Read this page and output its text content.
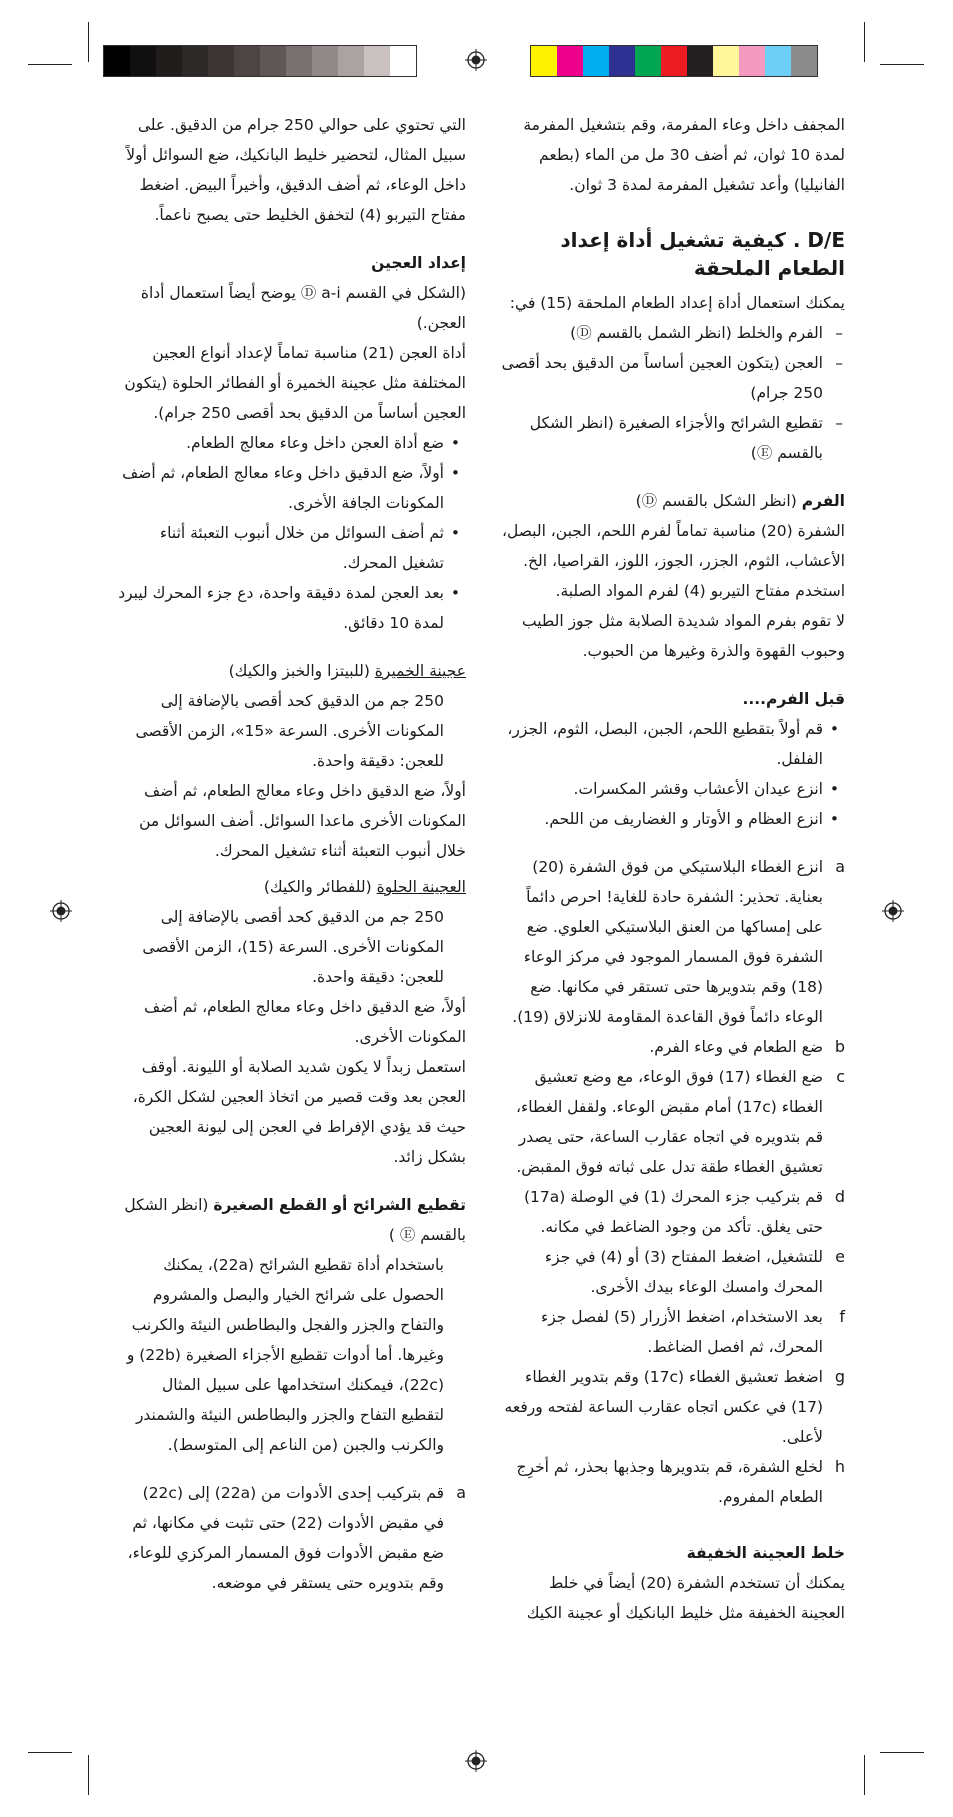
المجفف داخل وعاء المفرمة، وقم بتشغيل المفرمة لمدة 10 ثوان، ثم أضف 30 مل من الماء (بطعم الفانيليا) وأعد تشغيل المفرمة لمدة 3 ثوان.

D/E . كيفية تشغيل أداة إعداد الطعام الملحقة

يمكنك استعمال أداة إعداد الطعام الملحقة (15) في:

– الفرم والخلط (انظر الشمل بالقسم Ⓓ)

– العجن (يتكون العجين أساساً من الدقيق بحد أقصى 250 جرام)

– تقطيع الشرائح والأجزاء الصغيرة (انظر الشكل بالقسم Ⓔ)

الفرم (انظر الشكل بالقسم Ⓓ)

الشفرة (20) مناسبة تماماً لفرم اللحم، الجبن، البصل، الأعشاب، الثوم، الجزر، الجوز، اللوز، القراصيا، الخ.

استخدم مفتاح التيربو (4) لفرم المواد الصلبة.

لا تقوم بفرم المواد شديدة الصلابة مثل جوز الطيب وحبوب القهوة والذرة وغيرها من الحبوب.

قبل الفرم....

• قم أولاً بتقطيع اللحم، الجبن، البصل، الثوم، الجزر، الفلفل.

• انزع عيدان الأعشاب وقشر المكسرات.

• انزع العظام و الأوتار و الغضاريف من اللحم.

a
انزع الغطاء البلاستيكي من فوق الشفرة (20) بعناية. تحذير: الشفرة حادة للغاية! احرص دائماً على إمساكها من العنق البلاستيكي العلوي. ضع الشفرة فوق المسمار الموجود في مركز الوعاء (18) وقم بتدويرها حتى تستقر في مكانها. ضع الوعاء دائماً فوق القاعدة المقاومة للانزلاق (19).

b
ضع الطعام في وعاء الفرم.

c
ضع الغطاء (17) فوق الوعاء، مع وضع تعشيق الغطاء (17c) أمام مقبض الوعاء. ولقفل الغطاء، قم بتدويره في اتجاه عقارب الساعة، حتى يصدر تعشيق الغطاء طقة تدل على ثباته فوق المقبض.

d
قم بتركيب جزء المحرك (1) في الوصلة (17a) حتى يغلق. تأكد من وجود الضاغط في مكانه.

e
للتشغيل، اضغط المفتاح (3) أو (4) في جزء المحرك وامسك الوعاء بيدك الأخرى.

f
بعد الاستخدام، اضغط الأزرار (5) لفصل جزء المحرك، ثم افصل الضاغط.

g
اضغط تعشيق الغطاء (17c) وقم بتدوير الغطاء (17) في عكس اتجاه عقارب الساعة لفتحه ورفعه لأعلى.

h
لخلع الشفرة، قم بتدويرها وجذبها بحذر، ثم أخرِج الطعام المفروم.

خلط العجينة الخفيفة

يمكنك أن تستخدم الشفرة (20) أيضاً في خلط العجينة الخفيفة مثل خليط البانكيك أو عجينة الكيك

التي تحتوي على حوالي 250 جرام من الدقيق. على سبيل المثال، لتحضير خليط البانكيك، ضع السوائل أولاً داخل الوعاء، ثم أضف الدقيق، وأخيراً البيض. اضغط مفتاح التيربو (4) لتخفق الخليط حتى يصبح ناعماً.

إعداد العجين

(الشكل في القسم Ⓓ a-i يوضح أيضاً استعمال أداة العجن.)

أداة العجن (21) مناسبة تماماً لإعداد أنواع العجين المختلفة مثل عجينة الخميرة أو الفطائر الحلوة (يتكون العجين أساساً من الدقيق بحد أقصى 250 جرام).

• ضع أداة العجن داخل وعاء معالج الطعام.

• أولاً، ضع الدقيق داخل وعاء معالج الطعام، ثم أضف المكونات الجافة الأخرى.

• ثم أضف السوائل من خلال أنبوب التعبئة أثناء تشغيل المحرك.

• بعد العجن لمدة دقيقة واحدة، دع جزء المحرك ليبرد لمدة 10 دقائق.

عجينة الخميرة (للبيتزا والخبز والكيك)

250 جم من الدقيق كحد أقصى بالإضافة إلى المكونات الأخرى. السرعة «15»، الزمن الأقصى للعجن: دقيقة واحدة.

أولاً، ضع الدقيق داخل وعاء معالج الطعام، ثم أضف المكونات الأخرى ماعدا السوائل. أضف السوائل من خلال أنبوب التعبئة أثناء تشغيل المحرك.

العجينة الحلوة (للفطائر والكيك)

250 جم من الدقيق كحد أقصى بالإضافة إلى المكونات الأخرى. السرعة (15)، الزمن الأقصى للعجن: دقيقة واحدة.

أولاً، ضع الدقيق داخل وعاء معالج الطعام، ثم أضف المكونات الأخرى.

استعمل زبداً لا يكون شديد الصلابة أو الليونة. أوقف العجن بعد وقت قصير من اتخاذ العجين لشكل الكرة، حيث قد يؤدي الإفراط في العجن إلى ليونة العجين بشكل زائد.

تقطيع الشرائح أو القطع الصغيرة (انظر الشكل بالقسم Ⓔ )

باستخدام أداة تقطيع الشرائح (22a)، يمكنك الحصول على شرائح الخيار والبصل والمشروم والتفاح والجزر والفجل والبطاطس النيئة والكرنب وغيرها. أما أدوات تقطيع الأجزاء الصغيرة (22b) و (22c)، فيمكنك استخدامها على سبيل المثال لتقطيع التفاح والجزر والبطاطس النيئة والشمندر والكرنب والجبن (من الناعم إلى المتوسط).

a
قم بتركيب إحدى الأدوات من (22a) إلى (22c) في مقبض الأدوات (22) حتى تثبت في مكانها، ثم ضع مقبض الأدوات فوق المسمار المركزي للوعاء، وقم بتدويره حتى يستقر في موضعه.
